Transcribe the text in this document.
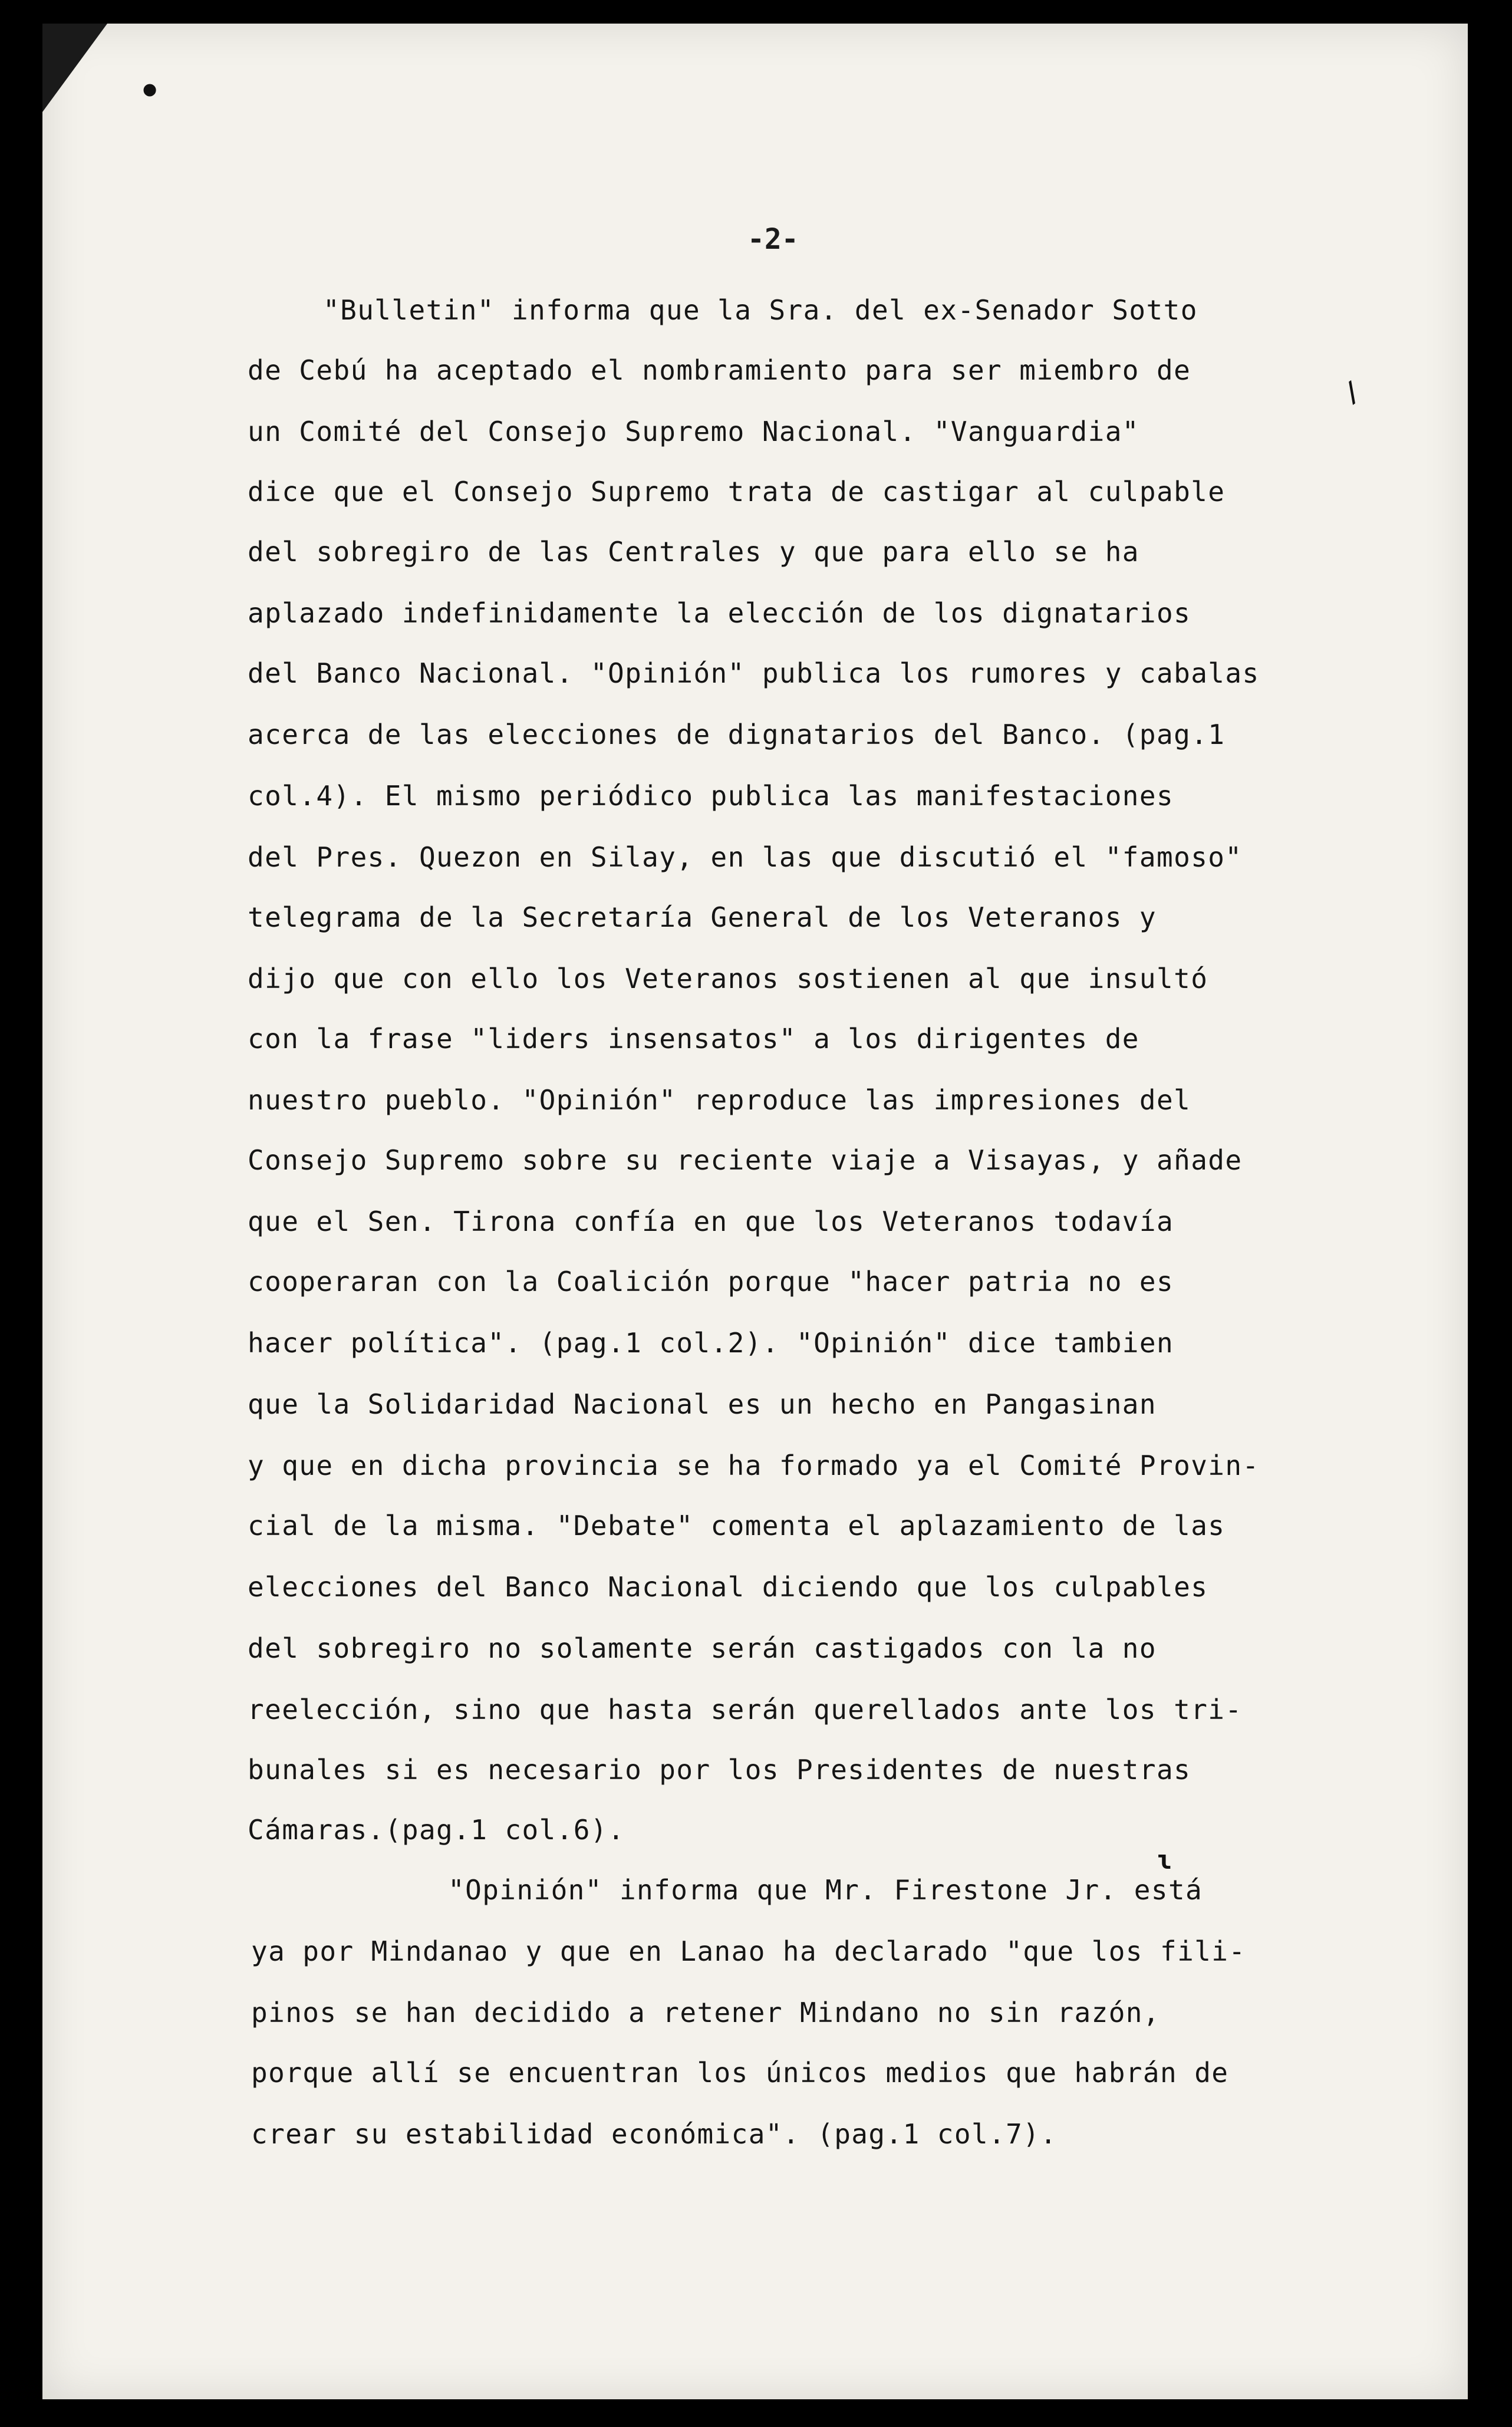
•
/
ɩ
-2-
"Bulletin" informa que la Sra. del ex-Senador Sotto
de Cebú ha aceptado el nombramiento para ser miembro de
un Comité del Consejo Supremo Nacional. "Vanguardia"
dice que el Consejo Supremo trata de castigar al culpable
del sobregiro de las Centrales y que para ello se ha
aplazado indefinidamente la elección de los dignatarios
del Banco Nacional. "Opinión" publica los rumores y cabalas
acerca de las elecciones de dignatarios del Banco. (pag.1
col.4). El mismo periódico publica las manifestaciones
del Pres. Quezon en Silay, en las que discutió el "famoso"
telegrama de la Secretaría General de los Veteranos y
dijo que con ello los Veteranos sostienen al que insultó
con la frase "liders insensatos" a los dirigentes de
nuestro pueblo. "Opinión" reproduce las impresiones del
Consejo Supremo sobre su reciente viaje a Visayas, y añade
que el Sen. Tirona confía en que los Veteranos todavía
cooperaran con la Coalición porque "hacer patria no es
hacer política". (pag.1 col.2). "Opinión" dice tambien
que la Solidaridad Nacional es un hecho en Pangasinan
y que en dicha provincia se ha formado ya el Comité Provin-
cial de la misma. "Debate" comenta el aplazamiento de las
elecciones del Banco Nacional diciendo que los culpables
del sobregiro no solamente serán castigados con la no
reelección, sino que hasta serán querellados ante los tri-
bunales si es necesario por los Presidentes de nuestras
Cámaras.(pag.1 col.6).
"Opinión" informa que Mr. Firestone Jr. está
ya por Mindanao y que en Lanao ha declarado "que los fili-
pinos se han decidido a retener Mindano no sin razón,
porque allí se encuentran los únicos medios que habrán de
crear su estabilidad económica". (pag.1 col.7).
